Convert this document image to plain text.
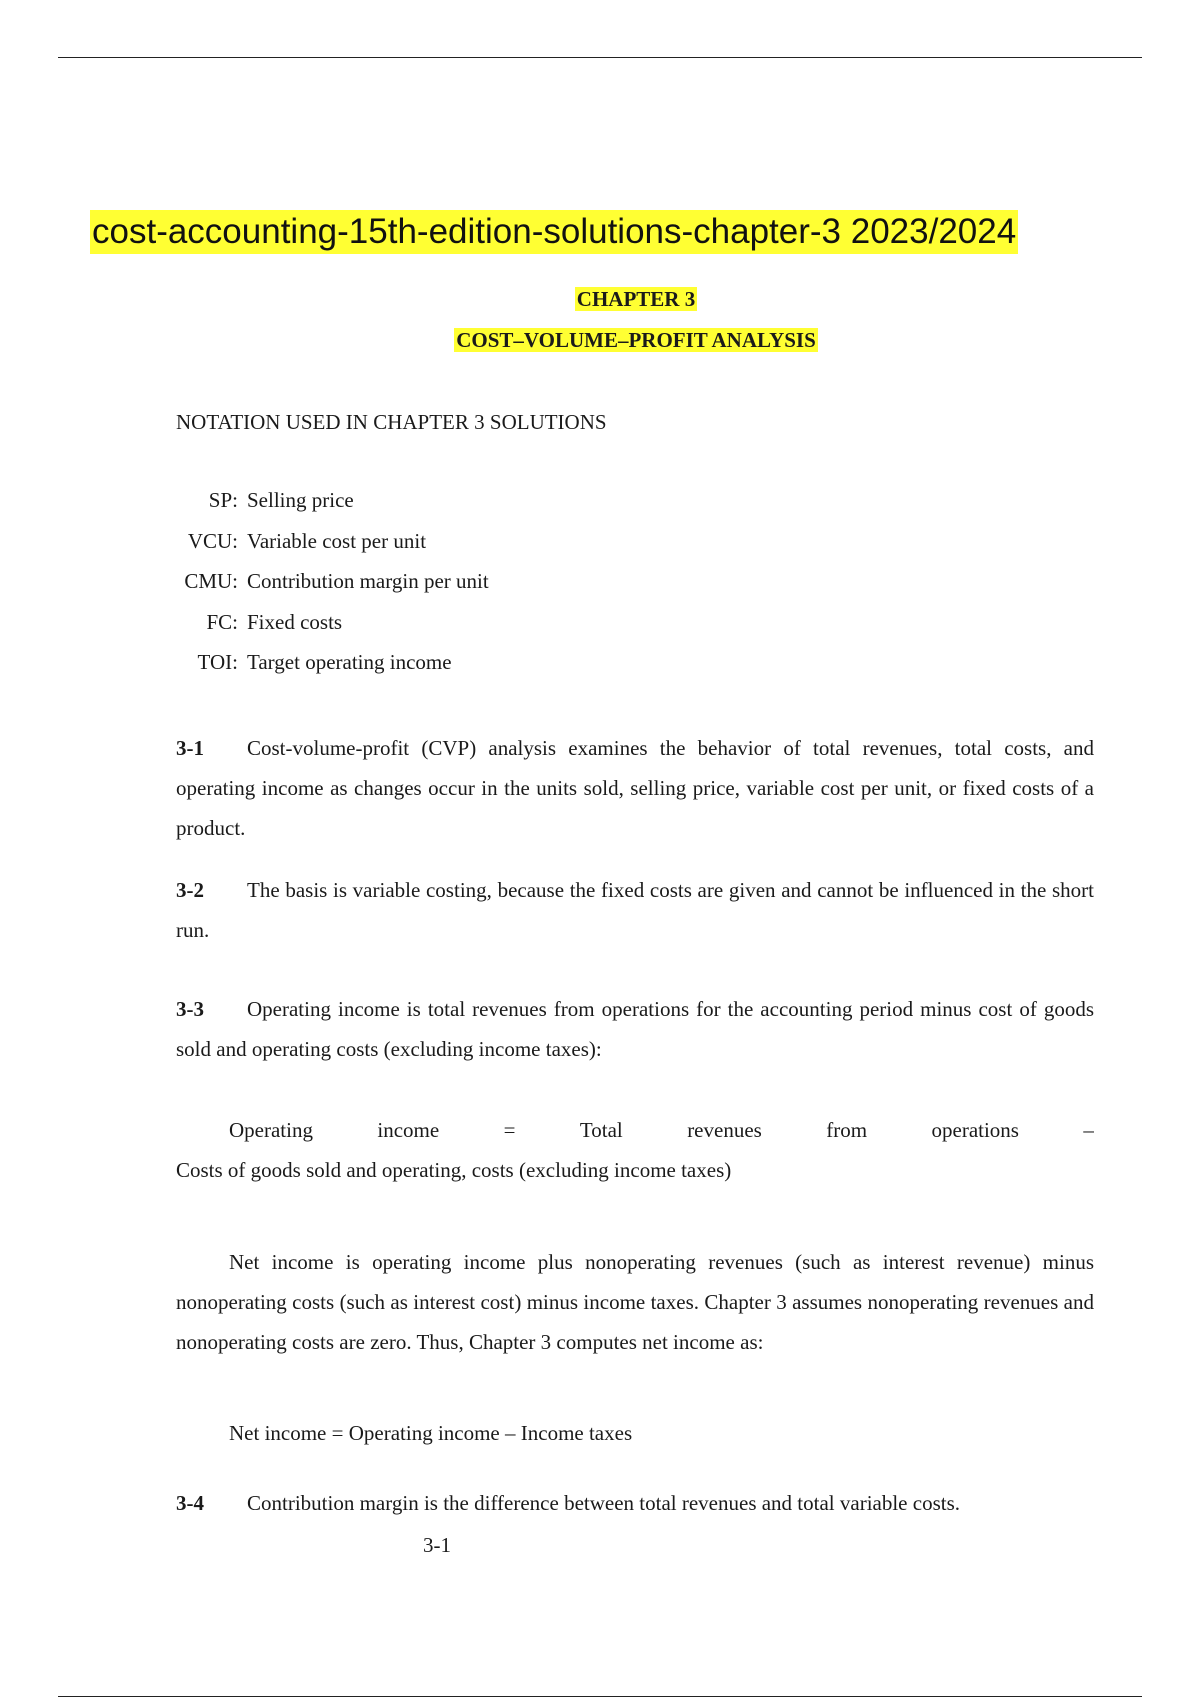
cost-accounting-15th-edition-solutions-chapter-3 2023/2024
CHAPTER 3
COST–VOLUME–PROFIT ANALYSIS
NOTATION USED IN CHAPTER 3 SOLUTIONS
SP: Selling price
VCU: Variable cost per unit
CMU: Contribution margin per unit
FC: Fixed costs
TOI: Target operating income

3-1 Cost-volume-profit (CVP) analysis examines the behavior of total revenues, total costs, and operating income as changes occur in the units sold, selling price, variable cost per unit, or fixed costs of a product.

3-2 The basis is variable costing, because the fixed costs are given and cannot be influenced in the short run.

3-3 Operating income is total revenues from operations for the accounting period minus cost of goods sold and operating costs (excluding income taxes):

Operating	income	=	Total	revenues	from	operations	–
Costs of goods sold and operating, costs (excluding income taxes)

Net income is operating income plus nonoperating revenues (such as interest revenue) minus nonoperating costs (such as interest cost) minus income taxes. Chapter 3 assumes nonoperating revenues and nonoperating costs are zero. Thus, Chapter 3 computes net income as:

Net income = Operating income – Income taxes

3-4 Contribution margin is the difference between total revenues and total variable costs.

3-1
